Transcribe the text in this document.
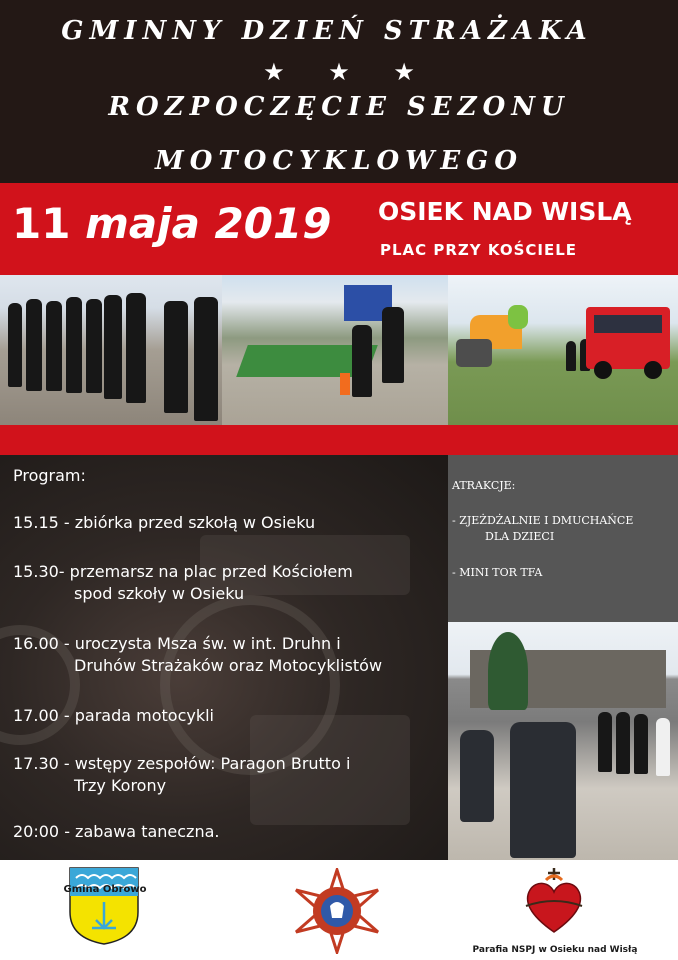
GMINNY DZIEŃ STRAŻAKA
★ ★ ★
ROZPOCZĘCIE SEZONU
MOTOCYKLOWEGO
11 maja 2019 OSIEK NAD WISLĄ
PLAC PRZY KOŚCIELE
Program:
15.15 - zbiórka przed szkołą w Osieku
15.30- przemarsz na plac przed Kościołem
spod szkoły w Osieku
16.00 - uroczysta Msza św. w int. Druhn i
Druhów Strażaków oraz Motocyklistów
17.00 - parada motocykli
17.30 - wstępy zespołów: Paragon Brutto i
Trzy Korony
20:00 - zabawa taneczna.
ATRAKCJE:
- ZJEŻDŻALNIE I DMUCHAŃCE
DLA DZIECI
- MINI TOR TFA
Gmina Obrowo
Parafia NSPJ w Osieku nad Wisłą
